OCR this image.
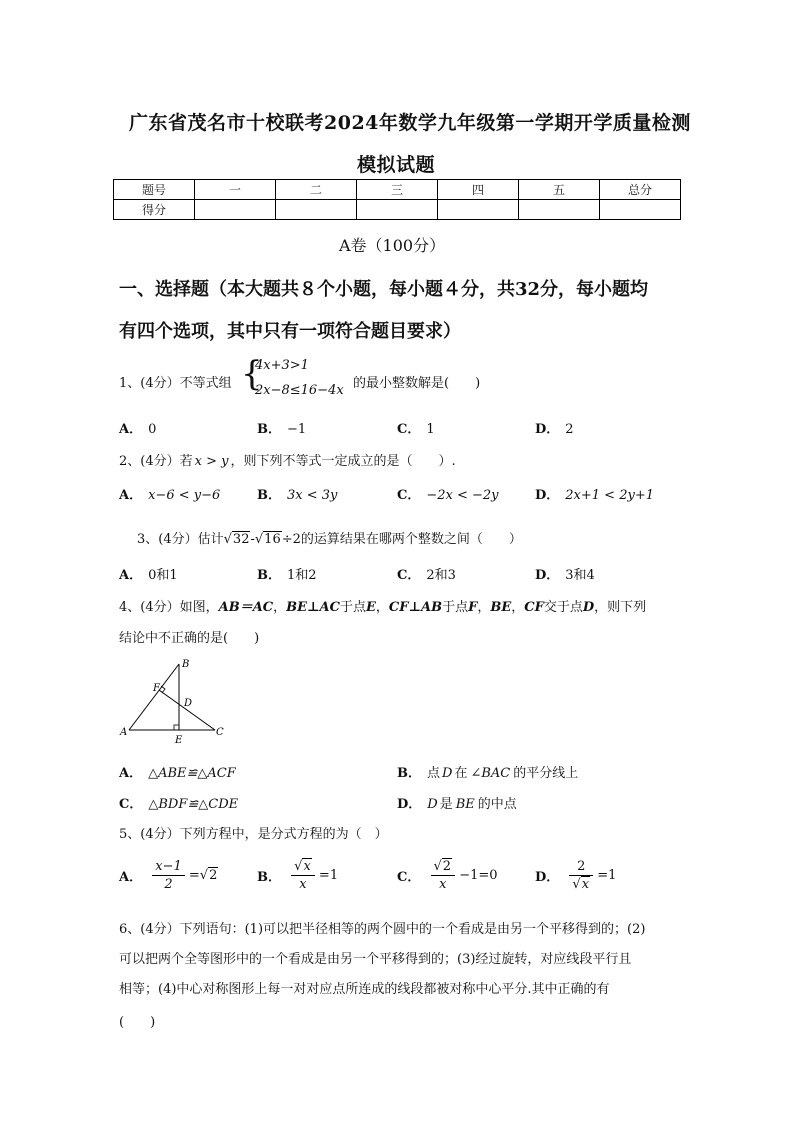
广东省茂名市十校联考2024年数学九年级第一学期开学质量检测
模拟试题
题号	一	二	三	四	五	总分
得分						
A卷（100分）
一、选择题（本大题共８个小题，每小题４分，共32分，每小题均
有四个选项，其中只有一项符合题目要求）
1、(4分）不等式组 {
4x+3>1
2x−8≤16−4x 的最小整数解是(　　)
A． 0	B． −1	C． 1	D． 2
2、(4分）若 x > y ，则下列不等式一定成立的是（　　）.
A． x−6 < y−6	B． 3x < 3y	C． −2x < −2y	D． 2x+1 < 2y+1
3、(4分）估计√32-√16÷2的运算结果在哪两个整数之间（　　）
A． 0和1	B． 1和2	C． 2和3	D． 3和4
4、(4分）如图，AB＝AC，BE⊥AC于点E，CF⊥AB于点F，BE，CF交于点D，则下列
结论中不正确的是(　　)
B
F
D
A
E
C
A． △ABE≌△ACF	B． 点 D 在 ∠BAC 的平分线上
C． △BDF≌△CDE	D． D 是 BE 的中点
5、(4分）下列方程中，是分式方程的为（　）
A． $\frac{x-1}{2} =√2$	B． $\frac{√x}{x} =1$	C． $\frac{√2}{x} -1=0$	D． $\frac{2}{√x} =1$
6、(4分）下列语句：(1)可以把半径相等的两个圆中的一个看成是由另一个平移得到的；(2)
可以把两个全等图形中的一个看成是由另一个平移得到的；(3)经过旋转，对应线段平行且
相等；(4)中心对称图形上每一对对应点所连成的线段都被对称中心平分.其中正确的有
(　　)
